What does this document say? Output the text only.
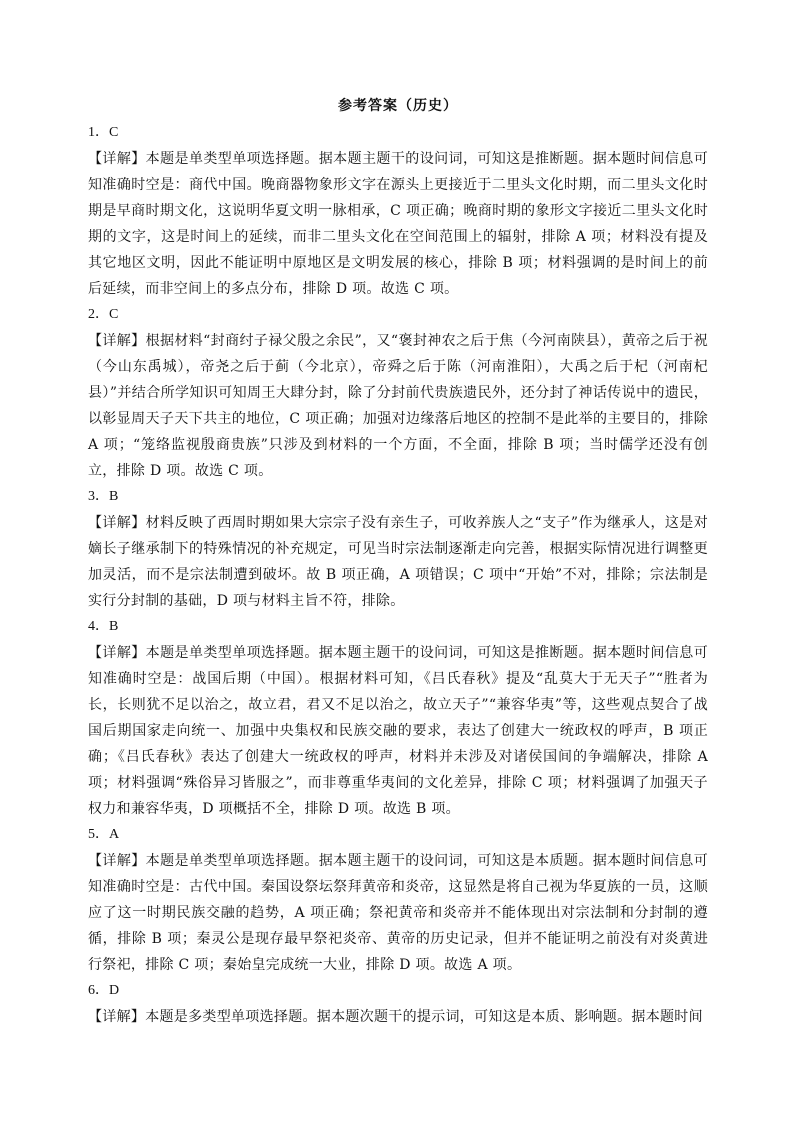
参考答案（历史）

1．C

【详解】本题是单类型单项选择题。据本题主题干的设问词，可知这是推断题。据本题时间信息可知准确时空是：商代中国。晚商器物象形文字在源头上更接近于二里头文化时期，而二里头文化时期是早商时期文化，这说明华夏文明一脉相承，C 项正确；晚商时期的象形文字接近二里头文化时期的文字，这是时间上的延续，而非二里头文化在空间范围上的辐射，排除 A 项；材料没有提及其它地区文明，因此不能证明中原地区是文明发展的核心，排除 B 项；材料强调的是时间上的前后延续，而非空间上的多点分布，排除 D 项。故选 C 项。

2．C

【详解】根据材料“封商纣子禄父殷之余民”，又“褒封神农之后于焦（今河南陕县），黄帝之后于祝（今山东禹城），帝尧之后于蓟（今北京），帝舜之后于陈（河南淮阳），大禹之后于杞（河南杞县）”并结合所学知识可知周王大肆分封，除了分封前代贵族遗民外，还分封了神话传说中的遗民，以彰显周天子天下共主的地位，C 项正确；加强对边缘落后地区的控制不是此举的主要目的，排除 A 项；“笼络监视殷商贵族”只涉及到材料的一个方面，不全面，排除 B 项；当时儒学还没有创立，排除 D 项。故选 C 项。

3．B

【详解】材料反映了西周时期如果大宗宗子没有亲生子，可收养族人之“支子”作为继承人，这是对嫡长子继承制下的特殊情况的补充规定，可见当时宗法制逐渐走向完善，根据实际情况进行调整更加灵活，而不是宗法制遭到破坏。故 B 项正确，A 项错误；C 项中“开始”不对，排除；宗法制是实行分封制的基础，D 项与材料主旨不符，排除。

4．B

【详解】本题是单类型单项选择题。据本题主题干的设问词，可知这是推断题。据本题时间信息可知准确时空是：战国后期（中国）。根据材料可知，《吕氏春秋》提及“乱莫大于无天子”“胜者为长，长则犹不足以治之，故立君，君又不足以治之，故立天子”“兼容华夷”等，这些观点契合了战国后期国家走向统一、加强中央集权和民族交融的要求，表达了创建大一统政权的呼声，B 项正确；《吕氏春秋》表达了创建大一统政权的呼声，材料并未涉及对诸侯国间的争端解决，排除 A 项；材料强调“殊俗异习皆服之”，而非尊重华夷间的文化差异，排除 C 项；材料强调了加强天子权力和兼容华夷，D 项概括不全，排除 D 项。故选 B 项。

5．A

【详解】本题是单类型单项选择题。据本题主题干的设问词，可知这是本质题。据本题时间信息可知准确时空是：古代中国。秦国设祭坛祭拜黄帝和炎帝，这显然是将自己视为华夏族的一员，这顺应了这一时期民族交融的趋势，A 项正确；祭祀黄帝和炎帝并不能体现出对宗法制和分封制的遵循，排除 B 项；秦灵公是现存最早祭祀炎帝、黄帝的历史记录，但并不能证明之前没有对炎黄进行祭祀，排除 C 项；秦始皇完成统一大业，排除 D 项。故选 A 项。

6．D

【详解】本题是多类型单项选择题。据本题次题干的提示词，可知这是本质、影响题。据本题时间
